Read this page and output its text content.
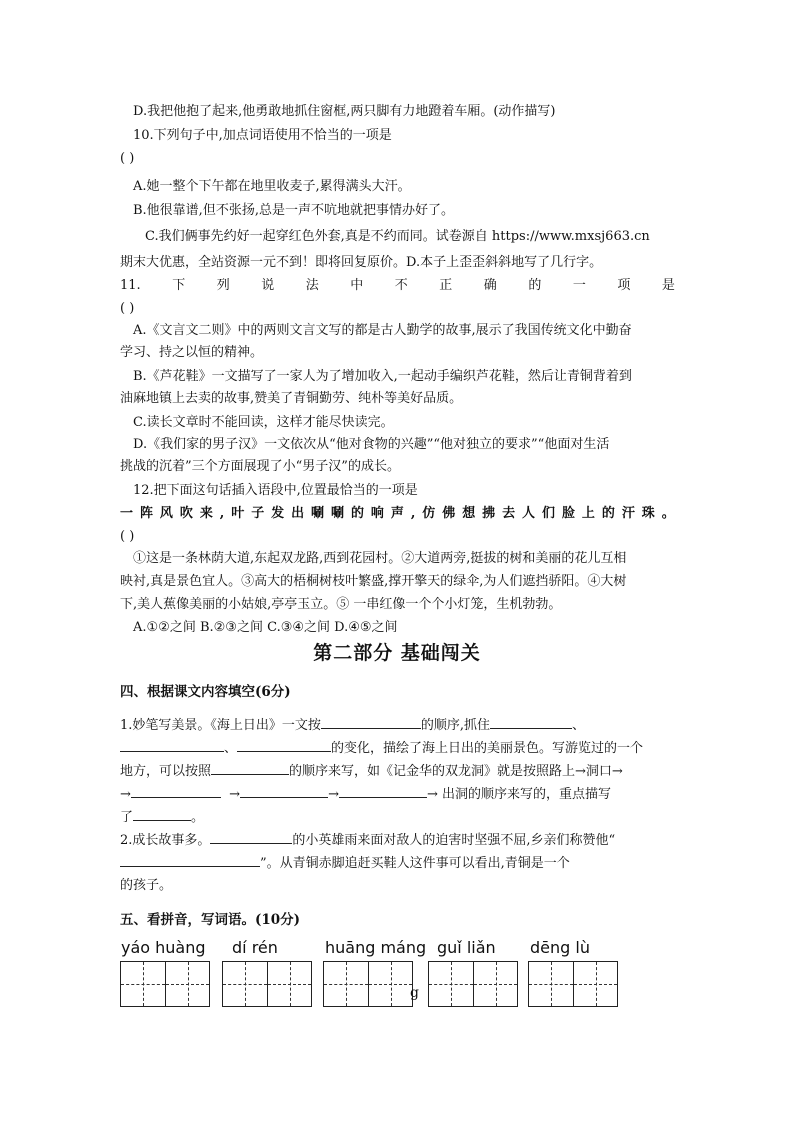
D.我把他抱了起来,他勇敢地抓住窗框,两只脚有力地蹬着车厢。(动作描写)
10.下列句子中,加点词语使用不恰当的一项是
( )
A.她一整个下午都在地里收麦子,累得满头大汗。
B.他很靠谱,但不张扬,总是一声不吭地就把事情办好了。
C.我们俩事先约好一起穿红色外套,真是不约而同。试卷源自 https://www.mxsj663.cn
期末大优惠，全站资源一元不到！即将回复原价。D.本子上歪歪斜斜地写了几行字。
11. 下 列 说 法 中 不 正 确 的 一 项 是
( )
A.《文言文二则》中的两则文言文写的都是古人勤学的故事,展示了我国传统文化中勤奋
学习、持之以恒的精神。
B.《芦花鞋》一文描写了一家人为了增加收入,一起动手编织芦花鞋，然后让青铜背着到
油麻地镇上去卖的故事,赞美了青铜勤劳、纯朴等美好品质。
C.读长文章时不能回读，这样才能尽快读完。
D.《我们家的男子汉》一文依次从“他对食物的兴趣”“他对独立的要求”“他面对生活
挑战的沉着”三个方面展现了小“男子汉”的成长。
12.把下面这句话插入语段中,位置最恰当的一项是
一 阵 风 吹 来 , 叶 子 发 出 唰 唰 的 响 声 , 仿 佛 想 拂 去 人 们 脸 上 的 汗 珠 。
( )
①这是一条林荫大道,东起双龙路,西到花园村。②大道两旁,挺拔的树和美丽的花儿互相
映衬,真是景色宜人。③高大的梧桐树枝叶繁盛,撑开擎天的绿伞,为人们遮挡骄阳。④大树
下,美人蕉像美丽的小姑娘,亭亭玉立。⑤ 一串红像一个个小灯笼，生机勃勃。
A.①②之间 B.②③之间 C.③④之间 D.④⑤之间
第二部分 基础闯关
四、根据课文内容填空(6分)
1.妙笔写美景。《海上日出》一文按	的顺序,抓住	、
、	的变化，描绘了海上日出的美丽景色。写游览过的一个
地方，可以按照	的顺序来写，如《记金华的双龙洞》就是按照路上→洞口→
→	→	→	→ 出洞的顺序来写的，重点描写
了	。
2.成长故事多。	的小英雄雨来面对敌人的迫害时坚强不屈,乡亲们称赞他“
”。从青铜赤脚追赶买鞋人这件事可以看出,青铜是一个
的孩子。
五、看拼音，写词语。(10分)
yáo huàng dí rén	huāng máng guǐ liǎn dēng lù
g
